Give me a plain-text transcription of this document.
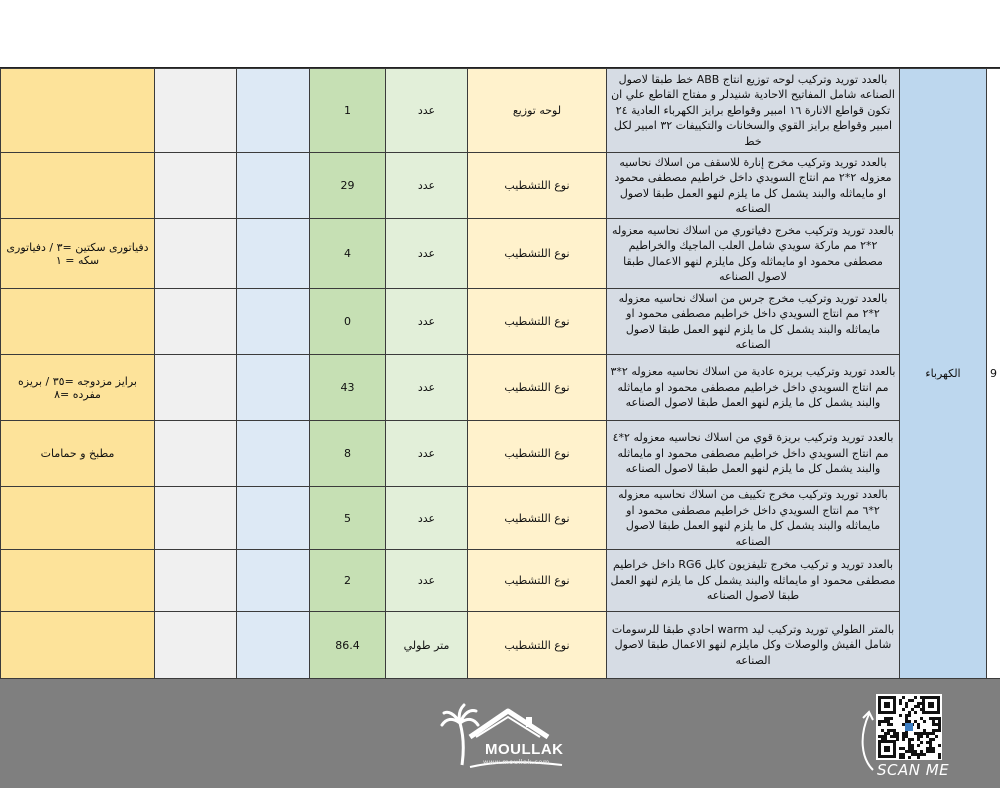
			1	عدد	لوحه توزيع	بالعدد توريد وتركيب لوحه توزيع انتاج ABB خط طبقا لاصول الصناعه شامل المفاتيح الاحادية شنيدلر و مفتاح القاطع علي ان تكون قواطع الانارة ١٦ امبير وقواطع برايز الكهرباء العادية ٢٤ امبير وقواطع برايز القوي والسخانات والتكييفات ٣٢ امبير لكل خط	الكهرباء	9
			29	عدد	نوع اللتشطيب	بالعدد توريد وتركيب مخرج إنارة للاسقف من اسلاك نحاسيه معزوله ٢*٢ مم انتاج السويدي داخل خراطيم مصطفى محمود او مايماثله والبند يشمل كل ما يلزم لنهو العمل طبقا لاصول الصناعه		
دفياتورى سكتين =٣ / دفياتورى سكه = ١			4	عدد	نوع اللتشطيب	بالعدد توريد وتركيب مخرج دفياتوري من اسلاك نحاسيه معزوله ٢*٢ مم ماركة سويدي شامل العلب الماجيك والخراطيم مصطفى محمود او مايماثله وكل مايلزم لنهو الاعمال طبقا لاصول الصناعه		
			0	عدد	نوع اللتشطيب	بالعدد توريد وتركيب مخرج جرس من اسلاك نحاسيه معزوله ٢*٢ مم انتاج السويدي داخل خراطيم مصطفى محمود او مايماثله والبند يشمل كل ما يلزم لنهو العمل طبقا لاصول الصناعه		
برايز مزدوجه =٣٥ / بريزه مفرده =٨			43	عدد	نوع اللتشطيب	بالعدد توريد وتركيب بريزه عادية من اسلاك نحاسيه معزوله ٢*٣ مم انتاج السويدي داخل خراطيم مصطفى محمود او مايماثله والبند يشمل كل ما يلزم لنهو العمل طبقا لاصول الصناعه		
مطبخ و حمامات			8	عدد	نوع اللتشطيب	بالعدد توريد وتركيب بريزة قوي من اسلاك نحاسيه معزوله ٢*٤ مم انتاج السويدي داخل خراطيم مصطفى محمود او مايماثله والبند يشمل كل ما يلزم لنهو العمل طبقا لاصول الصناعه		
			5	عدد	نوع اللتشطيب	بالعدد توريد وتركيب مخرج تكييف من اسلاك نحاسيه معزوله ٢*٦ مم انتاج السويدي داخل خراطيم مصطفى محمود او مايماثله والبند يشمل كل ما يلزم لنهو العمل طبقا لاصول الصناعه		
			2	عدد	نوع اللتشطيب	بالعدد توريد و تركيب مخرج تليفزيون كابل RG6 داخل خراطيم مصطفى محمود او مايماثله والبند يشمل كل ما يلزم لنهو العمل طبقا لاصول الصناعه		
			86.4	متر طولي	نوع اللتشطيب	بالمتر الطولي توريد وتركيب ليد warm احادي طبقا للرسومات شامل الفيش والوصلات وكل مايلزم لنهو الاعمال طبقا لاصول الصناعه		
MOULLAK
www.moullak.com	SCAN ME
